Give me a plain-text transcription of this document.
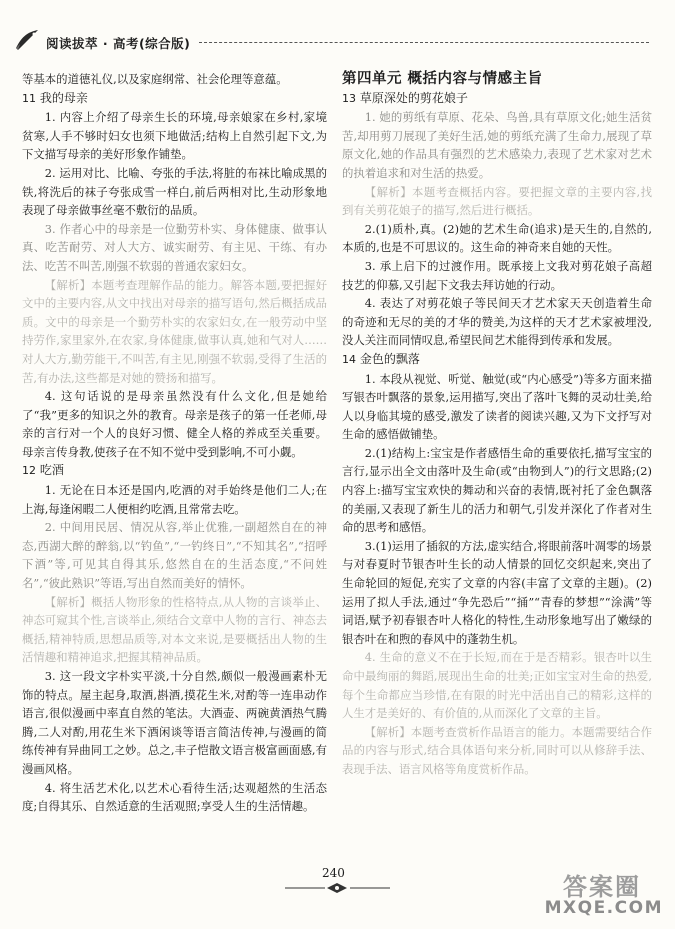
阅读拔萃 · 高考(综合版)

等基本的道德礼仪,以及家庭纲常、社会伦理等意蕴。

11 我的母亲

1. 内容上介绍了母亲生长的环境,母亲娘家在乡村,家境贫寒,人手不够时妇女也须下地做活;结构上自然引起下文,为下文描写母亲的美好形象作铺垫。

2. 运用对比、比喻、夸张的手法,将脏的布袜比喻成黑的铁,将洗后的袜子夸张成雪一样白,前后两相对比,生动形象地表现了母亲做事丝毫不敷衍的品质。

3. 作者心中的母亲是一位勤劳朴实、身体健康、做事认真、吃苦耐劳、对人大方、诚实耐劳、有主见、干练、有办法、吃苦不叫苦,刚强不软弱的普通农家妇女。

【解析】本题考查理解作品的能力。解答本题,要把握好文中的主要内容,从文中找出对母亲的描写语句,然后概括成品质。文中的母亲是一个勤劳朴实的农家妇女,在一般劳动中坚持劳作,家里家外,在农家,身体健康,做事认真,她和气对人……对人大方,勤劳能干,不叫苦,有主见,刚强不软弱,受得了生活的苦,有办法,这些都是对她的赞扬和描写。

4. 这句话说的是母亲虽然没有什么文化,但是她给了“我”更多的知识之外的教育。母亲是孩子的第一任老师,母亲的言行对一个人的良好习惯、健全人格的养成至关重要。母亲言传身教,使孩子在不知不觉中受到影响,不可小觑。

12 吃酒

1. 无论在日本还是国内,吃酒的对手始终是他们二人;在上海,每逢闲暇二人便相约吃酒,且常常去吃。

2. 中间用民居、情况从容,举止优雅,一副超然自在的神态,西湖大醉的醉翁,以“钓鱼”,“一钓终日”,“不知其名”,“招呼下酒”等,可见其自得其乐,悠然自在的生活态度,“不问姓名”,“彼此熟识”等语,写出自然而美好的情怀。

【解析】概括人物形象的性格特点,从人物的言谈举止、神态可窥其个性,言谈举止,须结合文章中人物的言行、神态去概括,精神特质,思想品质等,对本文来说,是要概括出人物的生活情趣和精神追求,把握其精神品质。

3. 这一段文字朴实平淡,十分自然,颇似一般漫画素朴无饰的特点。屋主起身,取酒,斟酒,摸花生米,对酌等一连串动作语言,很似漫画中率直自然的笔法。大酒壶、两碗黄酒热气腾腾,二人对酌,用花生米下酒闲谈等语言简洁传神,与漫画的简练传神有异曲同工之妙。总之,丰子恺散文语言极富画面感,有漫画风格。

4. 将生活艺术化,以艺术心看待生活;达观超然的生活态度;自得其乐、自然适意的生活观照;享受人生的生活情趣。

第四单元 概括内容与情感主旨

13 草原深处的剪花娘子

1. 她的剪纸有草原、花朵、鸟兽,具有草原文化;她生活贫苦,却用剪刀展现了美好生活,她的剪纸充满了生命力,展现了草原文化,她的作品具有强烈的艺术感染力,表现了艺术家对艺术的执着追求和对生活的热爱。

【解析】本题考查概括内容。要把握文章的主要内容,找到有关剪花娘子的描写,然后进行概括。

2.(1)质朴,真。(2)她的艺术生命(追求)是天生的,自然的,本质的,也是不可思议的。这生命的神奇来自她的天性。

3. 承上启下的过渡作用。既承接上文我对剪花娘子高超技艺的仰慕,又引起下文我去拜访她的行动。

4. 表达了对剪花娘子等民间天才艺术家天天创造着生命的奇迹和无尽的美的才华的赞美,为这样的天才艺术家被埋没,没人关注而同情叹息,希望民间艺术能得到传承和发展。

14 金色的飘落

1. 本段从视觉、听觉、触觉(或“内心感受”)等多方面来描写银杏叶飘落的景象,运用描写,突出了落叶飞舞的灵动壮美,给人以身临其境的感受,激发了读者的阅读兴趣,又为下文抒写对生命的感悟做铺垫。

2.(1)结构上:宝宝是作者感悟生命的重要依托,描写宝宝的言行,显示出全文由落叶及生命(或“由物到人”)的行文思路;(2)内容上:描写宝宝欢快的舞动和兴奋的表情,既衬托了金色飘落的美丽,又表现了新生儿的活力和朝气,引发并深化了作者对生命的思考和感悟。

3.(1)运用了插叙的方法,虚实结合,将眼前落叶凋零的场景与对春夏时节银杏叶生长的动人情景的回忆交织起来,突出了生命轮回的短促,充实了文章的内容(丰富了文章的主题)。(2)运用了拟人手法,通过“争先恐后”“捅”“青春的梦想”“涂满”等词语,赋予初春银杏叶人格化的特性,生动形象地写出了嫩绿的银杏叶在和煦的春风中的蓬勃生机。

4. 生命的意义不在于长短,而在于是否精彩。银杏叶以生命中最绚丽的舞蹈,展现出生命的壮美;正如宝宝对生命的热爱,每个生命都应当珍惜,在有限的时光中活出自己的精彩,这样的人生才是美好的、有价值的,从而深化了文章的主旨。

【解析】本题考查赏析作品语言的能力。本题需要结合作品的内容与形式,结合具体语句来分析,同时可以从修辞手法、表现手法、语言风格等角度赏析作品。

240	答案圈
MXQE.COM
